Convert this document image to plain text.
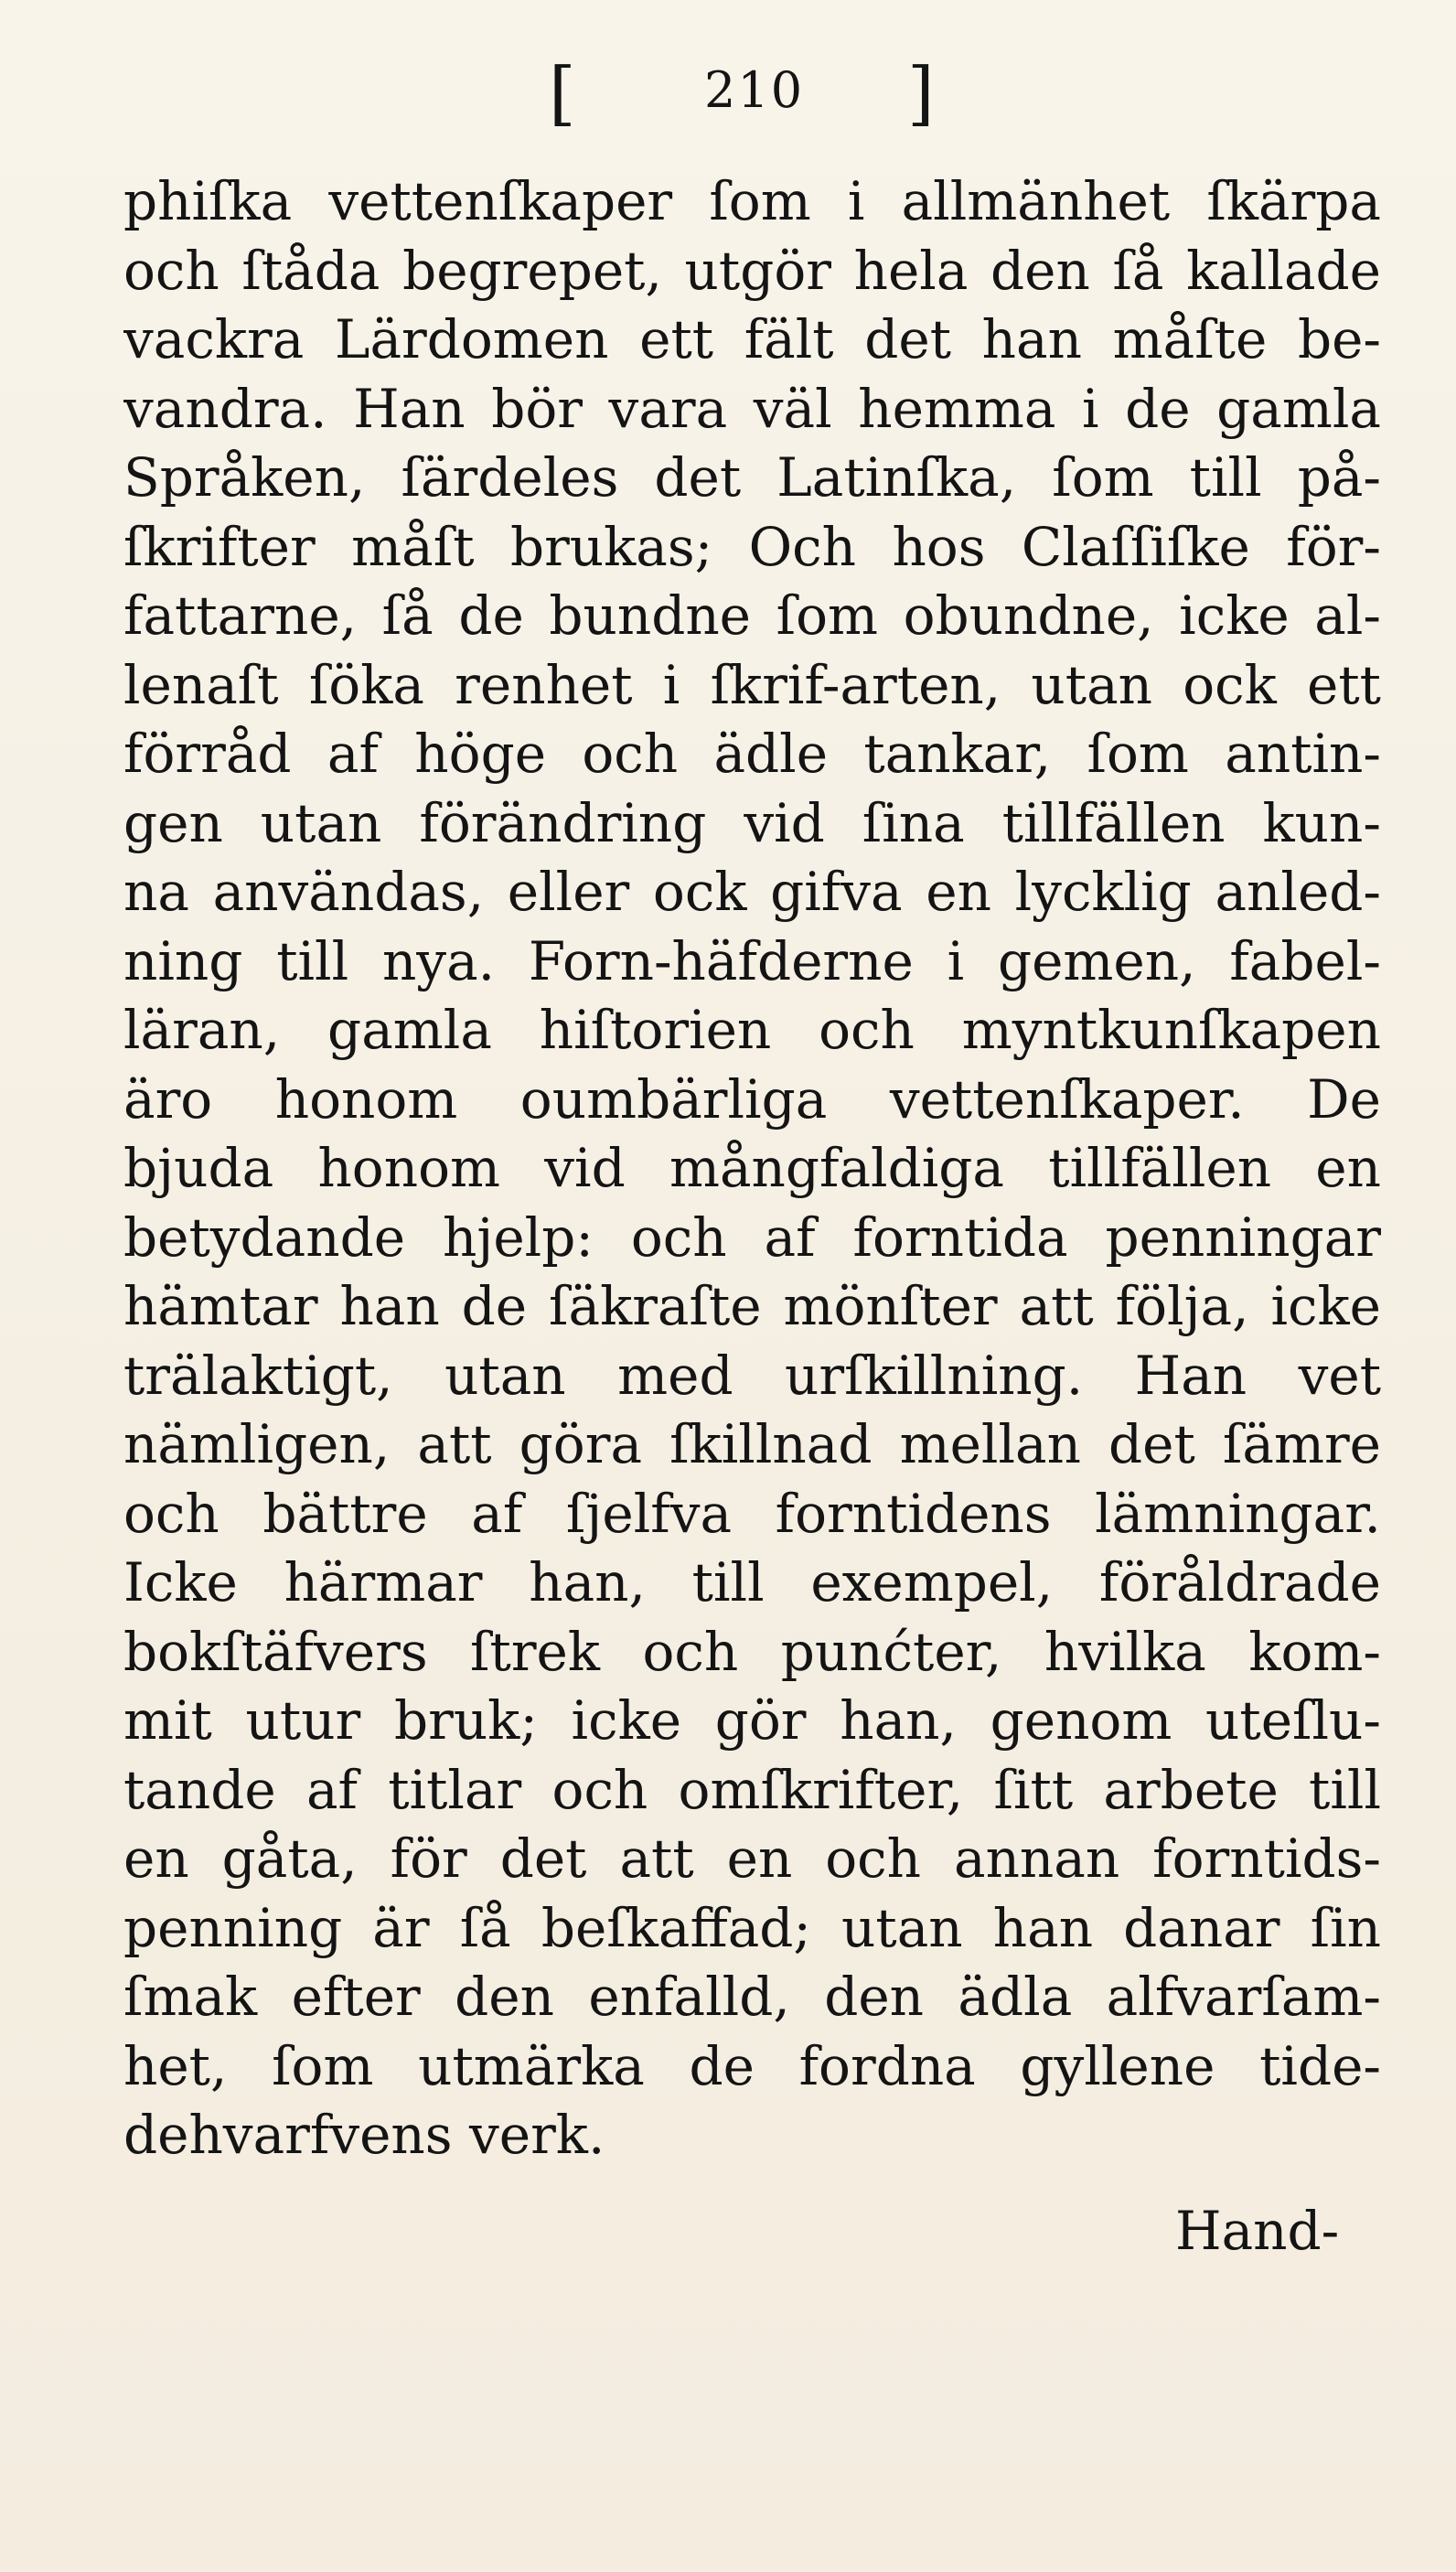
[	210 ]
phiſka vettenſkaper ſom i allmänhet ſkärpa
och ſtåda begrepet, utgör hela den ſå kallade
vackra Lärdomen ett fält det han måſte be-
vandra. Han bör vara väl hemma i de gamla
Språken, ſärdeles det Latinſka, ſom till på-
ſkrifter måſt brukas; Och hos Claſſiſke för-
fattarne, ſå de bundne ſom obundne, icke al-
lenaſt ſöka renhet i ſkrif-arten, utan ock ett
förråd af höge och ädle tankar, ſom antin-
gen utan förändring vid ſina tillfällen kun-
na användas, eller ock gifva en lycklig anled-
ning till nya. Forn-häfderne i gemen, fabel-
läran, gamla hiſtorien och myntkunſkapen
äro honom oumbärliga vettenſkaper. De
bjuda honom vid mångfaldiga tillfällen en
betydande hjelp: och af forntida penningar
hämtar han de ſäkraſte mönſter att följa, icke
trälaktigt, utan med urſkillning. Han vet
nämligen, att göra ſkillnad mellan det ſämre
och bättre af ſjelfva forntidens lämningar.
Icke härmar han, till exempel, föråldrade
bokſtäfvers ſtrek och punćter, hvilka kom-
mit utur bruk; icke gör han, genom uteſlu-
tande af titlar och omſkrifter, ſitt arbete till
en gåta, för det att en och annan forntids-
penning är ſå beſkaffad; utan han danar ſin
ſmak efter den enfalld, den ädla alfvarſam-
het, ſom utmärka de fordna gyllene tide-
dehvarfvens verk.
Hand-
